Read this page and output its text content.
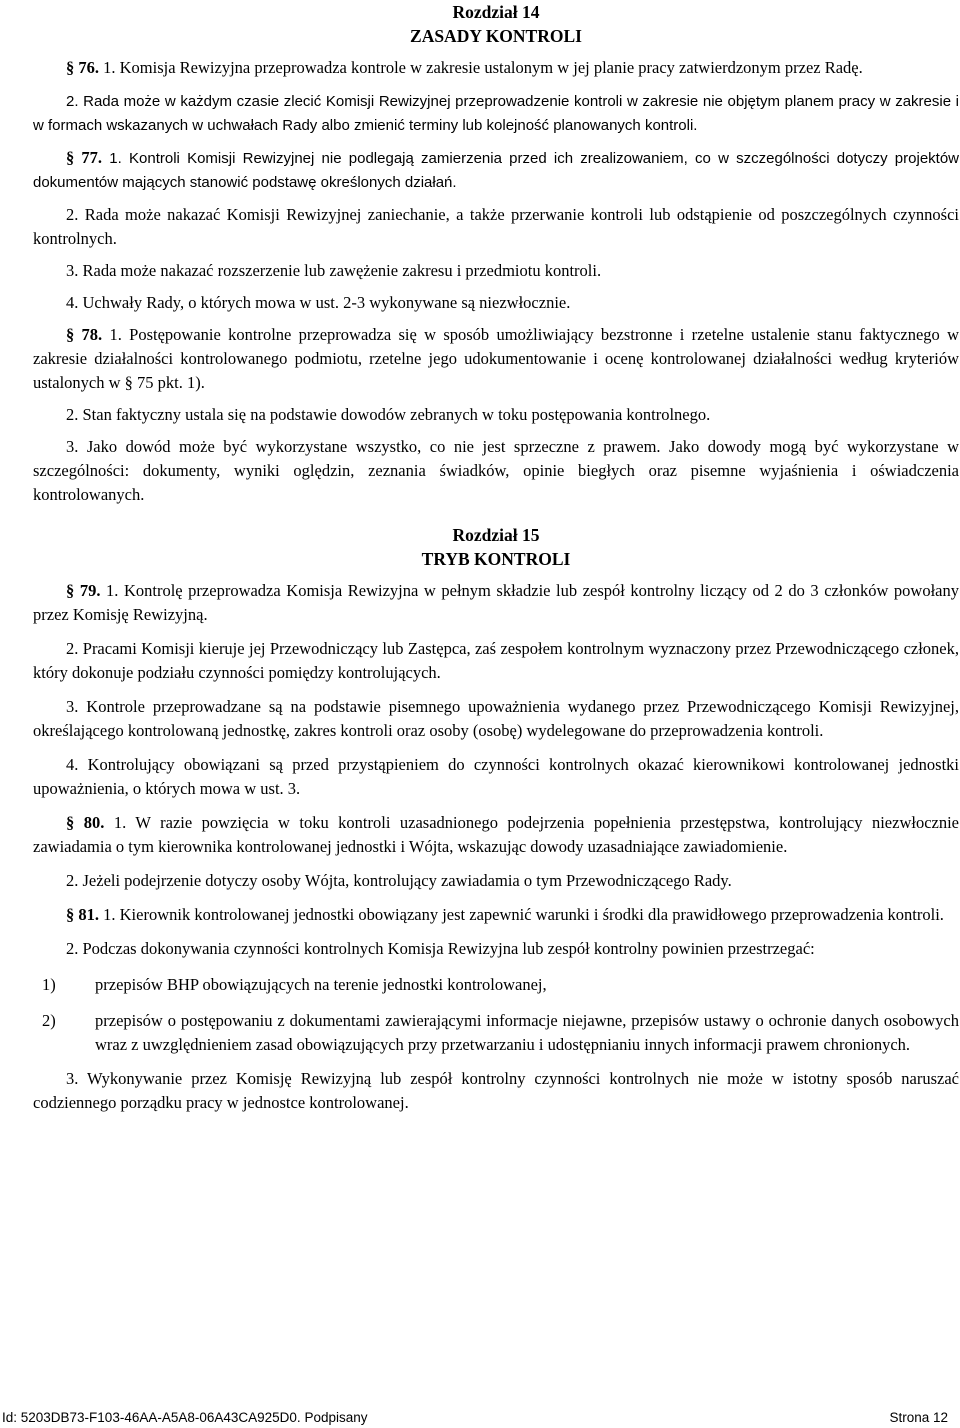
Rozdział 14
ZASADY KONTROLI

§ 76. 1. Komisja Rewizyjna przeprowadza kontrole w zakresie ustalonym w jej planie pracy zatwierdzonym przez Radę.

2. Rada może w każdym czasie zlecić Komisji Rewizyjnej przeprowadzenie kontroli w zakresie nie objętym planem pracy w zakresie i w formach wskazanych w uchwałach Rady albo zmienić terminy lub kolejność planowanych kontroli.

§ 77. 1. Kontroli Komisji Rewizyjnej nie podlegają zamierzenia przed ich zrealizowaniem, co w szczególności dotyczy projektów dokumentów mających stanowić podstawę określonych działań.

2. Rada może nakazać Komisji Rewizyjnej zaniechanie, a także przerwanie kontroli lub odstąpienie od poszczególnych czynności kontrolnych.

3. Rada może nakazać rozszerzenie lub zawężenie zakresu i przedmiotu kontroli.

4. Uchwały Rady, o których mowa w ust. 2-3 wykonywane są niezwłocznie.

§ 78. 1. Postępowanie kontrolne przeprowadza się w sposób umożliwiający bezstronne i rzetelne ustalenie stanu faktycznego w zakresie działalności kontrolowanego podmiotu, rzetelne jego udokumentowanie i ocenę kontrolowanej działalności według kryteriów ustalonych w § 75 pkt. 1).

2. Stan faktyczny ustala się na podstawie dowodów zebranych w toku postępowania kontrolnego.

3. Jako dowód może być wykorzystane wszystko, co nie jest sprzeczne z prawem. Jako dowody mogą być wykorzystane w szczególności: dokumenty, wyniki oględzin, zeznania świadków, opinie biegłych oraz pisemne wyjaśnienia i oświadczenia kontrolowanych.

Rozdział 15
TRYB KONTROLI

§ 79. 1. Kontrolę przeprowadza Komisja Rewizyjna w pełnym składzie lub zespół kontrolny liczący od 2 do 3 członków powołany przez Komisję Rewizyjną.

2. Pracami Komisji kieruje jej Przewodniczący lub Zastępca, zaś zespołem kontrolnym wyznaczony przez Przewodniczącego członek, który dokonuje podziału czynności pomiędzy kontrolujących.

3. Kontrole przeprowadzane są na podstawie pisemnego upoważnienia wydanego przez Przewodniczącego Komisji Rewizyjnej, określającego kontrolowaną jednostkę, zakres kontroli oraz osoby (osobę) wydelegowane do przeprowadzenia kontroli.

4. Kontrolujący obowiązani są przed przystąpieniem do czynności kontrolnych okazać kierownikowi kontrolowanej jednostki upoważnienia, o których mowa w ust. 3.

§ 80. 1. W razie powzięcia w toku kontroli uzasadnionego podejrzenia popełnienia przestępstwa, kontrolujący niezwłocznie zawiadamia o tym kierownika kontrolowanej jednostki i Wójta, wskazując dowody uzasadniające zawiadomienie.

2. Jeżeli podejrzenie dotyczy osoby Wójta, kontrolujący zawiadamia o tym Przewodniczącego Rady.

§ 81. 1. Kierownik kontrolowanej jednostki obowiązany jest zapewnić warunki i środki dla prawidłowego przeprowadzenia kontroli.

2. Podczas dokonywania czynności kontrolnych Komisja Rewizyjna lub zespół kontrolny powinien przestrzegać:

1)	przepisów BHP obowiązujących na terenie jednostki kontrolowanej,
2)	przepisów o postępowaniu z dokumentami zawierającymi informacje niejawne, przepisów ustawy o ochronie danych osobowych wraz z uwzględnieniem zasad obowiązujących przy przetwarzaniu i udostępnianiu innych informacji prawem chronionych.

3. Wykonywanie przez Komisję Rewizyjną lub zespół kontrolny czynności kontrolnych nie może w istotny sposób naruszać codziennego porządku pracy w jednostce kontrolowanej.

Id: 5203DB73-F103-46AA-A5A8-06A43CA925D0. Podpisany	Strona 12
